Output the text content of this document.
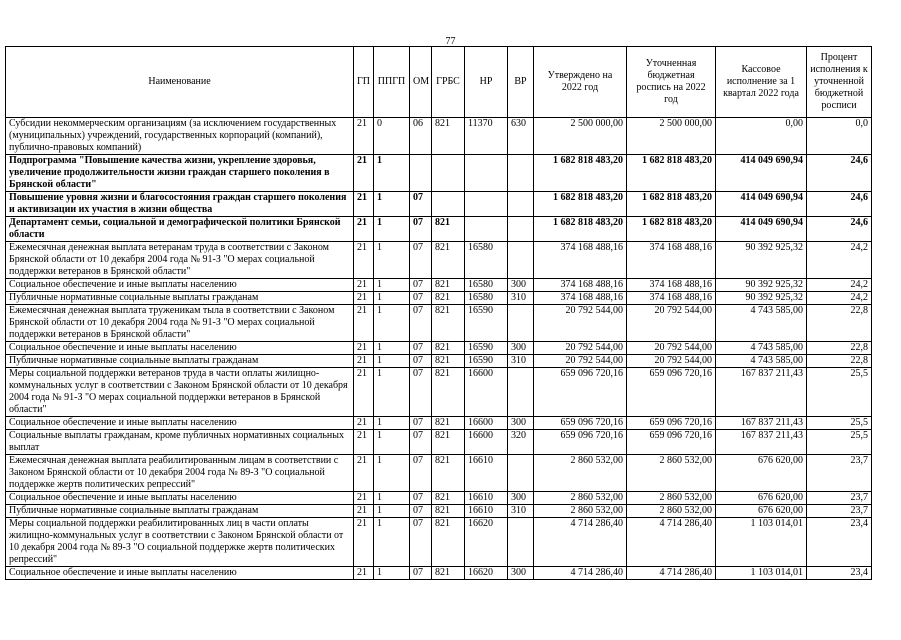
77
Наименование	ГП	ППГП	ОМ	ГРБС	НР	ВР	Утверждено на 2022 год	Уточненная бюджетная роспись на 2022 год	Кассовое исполнение за 1 квартал 2022 года	Процент исполнения к уточненной бюджетной росписи
Субсидии некоммерческим организациям (за исключением государственных (муниципальных) учреждений, государственных корпораций (компаний), публично-правовых компаний)	21	0	06	821	11370	630	2 500 000,00	2 500 000,00	0,00	0,0
Подпрограмма "Повышение качества жизни, укрепление здоровья, увеличение продолжительности жизни граждан старшего поколения в Брянской области"	21	1					1 682 818 483,20	1 682 818 483,20	414 049 690,94	24,6
Повышение уровня жизни и благосостояния граждан старшего поколения и активизации их участия в жизни общества	21	1	07				1 682 818 483,20	1 682 818 483,20	414 049 690,94	24,6
Департамент семьи, социальной и демографической политики Брянской области	21	1	07	821			1 682 818 483,20	1 682 818 483,20	414 049 690,94	24,6
Ежемесячная денежная выплата ветеранам труда в соответствии с Законом Брянской области от 10 декабря 2004 года № 91-З "О мерах социальной поддержки ветеранов в Брянской области"	21	1	07	821	16580		374 168 488,16	374 168 488,16	90 392 925,32	24,2
Социальное обеспечение и иные выплаты населению	21	1	07	821	16580	300	374 168 488,16	374 168 488,16	90 392 925,32	24,2
Публичные нормативные социальные выплаты гражданам	21	1	07	821	16580	310	374 168 488,16	374 168 488,16	90 392 925,32	24,2
Ежемесячная денежная выплата труженикам тыла в соответствии с Законом Брянской области от 10 декабря 2004 года № 91-З "О мерах социальной поддержки ветеранов в Брянской области"	21	1	07	821	16590		20 792 544,00	20 792 544,00	4 743 585,00	22,8
Социальное обеспечение и иные выплаты населению	21	1	07	821	16590	300	20 792 544,00	20 792 544,00	4 743 585,00	22,8
Публичные нормативные социальные выплаты гражданам	21	1	07	821	16590	310	20 792 544,00	20 792 544,00	4 743 585,00	22,8
Меры социальной поддержки ветеранов труда в части оплаты жилищно-коммунальных услуг в соответствии с Законом Брянской области от 10 декабря 2004 года № 91-З "О мерах социальной поддержки ветеранов в Брянской области"	21	1	07	821	16600		659 096 720,16	659 096 720,16	167 837 211,43	25,5
Социальное обеспечение и иные выплаты населению	21	1	07	821	16600	300	659 096 720,16	659 096 720,16	167 837 211,43	25,5
Социальные выплаты гражданам, кроме публичных нормативных социальных выплат	21	1	07	821	16600	320	659 096 720,16	659 096 720,16	167 837 211,43	25,5
Ежемесячная денежная выплата реабилитированным лицам в соответствии с Законом Брянской области от 10 декабря 2004 года № 89-З "О социальной поддержке жертв политических репрессий"	21	1	07	821	16610		2 860 532,00	2 860 532,00	676 620,00	23,7
Социальное обеспечение и иные выплаты населению	21	1	07	821	16610	300	2 860 532,00	2 860 532,00	676 620,00	23,7
Публичные нормативные социальные выплаты гражданам	21	1	07	821	16610	310	2 860 532,00	2 860 532,00	676 620,00	23,7
Меры социальной поддержки реабилитированных лиц в части оплаты жилищно-коммунальных услуг в соответствии с Законом Брянской области от 10 декабря 2004 года № 89-З "О социальной поддержке жертв политических репрессий"	21	1	07	821	16620		4 714 286,40	4 714 286,40	1 103 014,01	23,4
Социальное обеспечение и иные выплаты населению	21	1	07	821	16620	300	4 714 286,40	4 714 286,40	1 103 014,01	23,4
